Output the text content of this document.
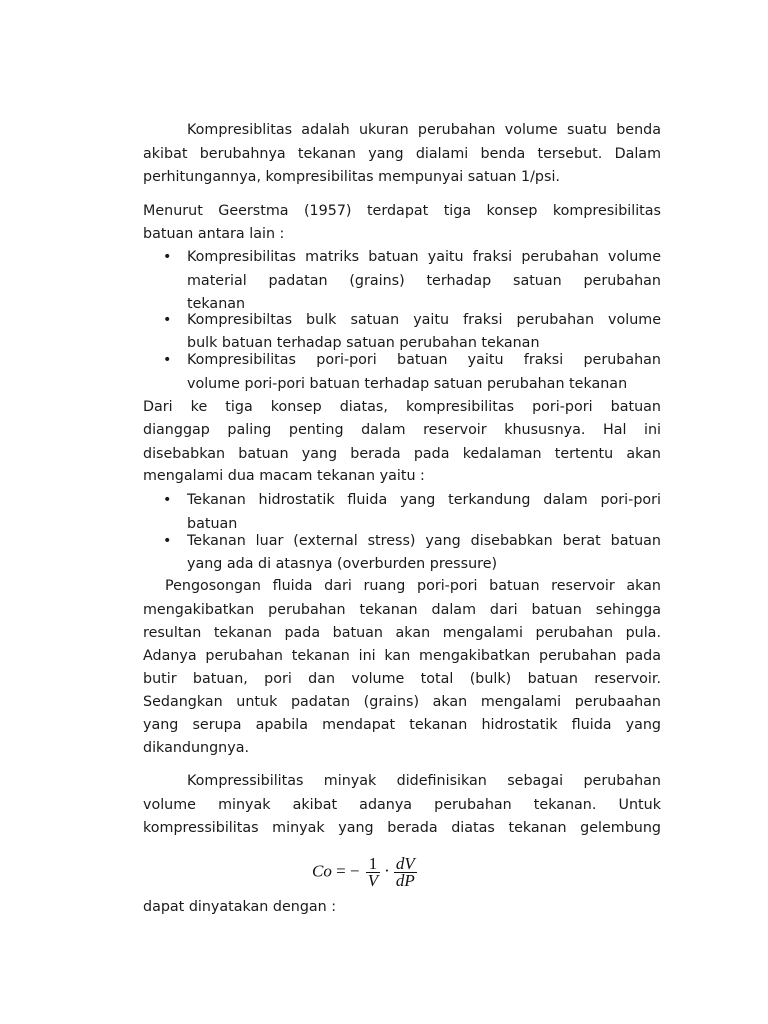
Kompresiblitas adalah ukuran perubahan volume suatu benda
akibat berubahnya tekanan yang dialami benda tersebut. Dalam
perhitungannya, kompresibilitas mempunyai satuan 1/psi.
Menurut Geerstma (1957) terdapat tiga konsep kompresibilitas
batuan antara lain :
• Kompresibilitas matriks batuan yaitu fraksi perubahan volume
material padatan (grains) terhadap satuan perubahan
tekanan
• Kompresibiltas bulk satuan yaitu fraksi perubahan volume
bulk batuan terhadap satuan perubahan tekanan
• Kompresibilitas pori-pori batuan yaitu fraksi perubahan
volume pori-pori batuan terhadap satuan perubahan tekanan
Dari ke tiga konsep diatas, kompresibilitas pori-pori batuan
dianggap paling penting dalam reservoir khususnya. Hal ini
disebabkan batuan yang berada pada kedalaman tertentu akan
mengalami dua macam tekanan yaitu :
• Tekanan hidrostatik fluida yang terkandung dalam pori-pori
batuan
• Tekanan luar (external stress) yang disebabkan berat batuan
yang ada di atasnya (overburden pressure)
Pengosongan fluida dari ruang pori-pori batuan reservoir akan
mengakibatkan perubahan tekanan dalam dari batuan sehingga
resultan tekanan pada batuan akan mengalami perubahan pula.
Adanya perubahan tekanan ini kan mengakibatkan perubahan pada
butir batuan, pori dan volume total (bulk) batuan reservoir.
Sedangkan untuk padatan (grains) akan mengalami perubaahan
yang serupa apabila mendapat tekanan hidrostatik fluida yang
dikandungnya.
Kompressibilitas minyak didefinisikan sebagai perubahan
volume minyak akibat adanya perubahan tekanan. Untuk
kompressibilitas minyak yang berada diatas tekanan gelembung
Co = − $\frac{1}{V} \cdot \frac{dV}{dP}$
dapat dinyatakan dengan :
